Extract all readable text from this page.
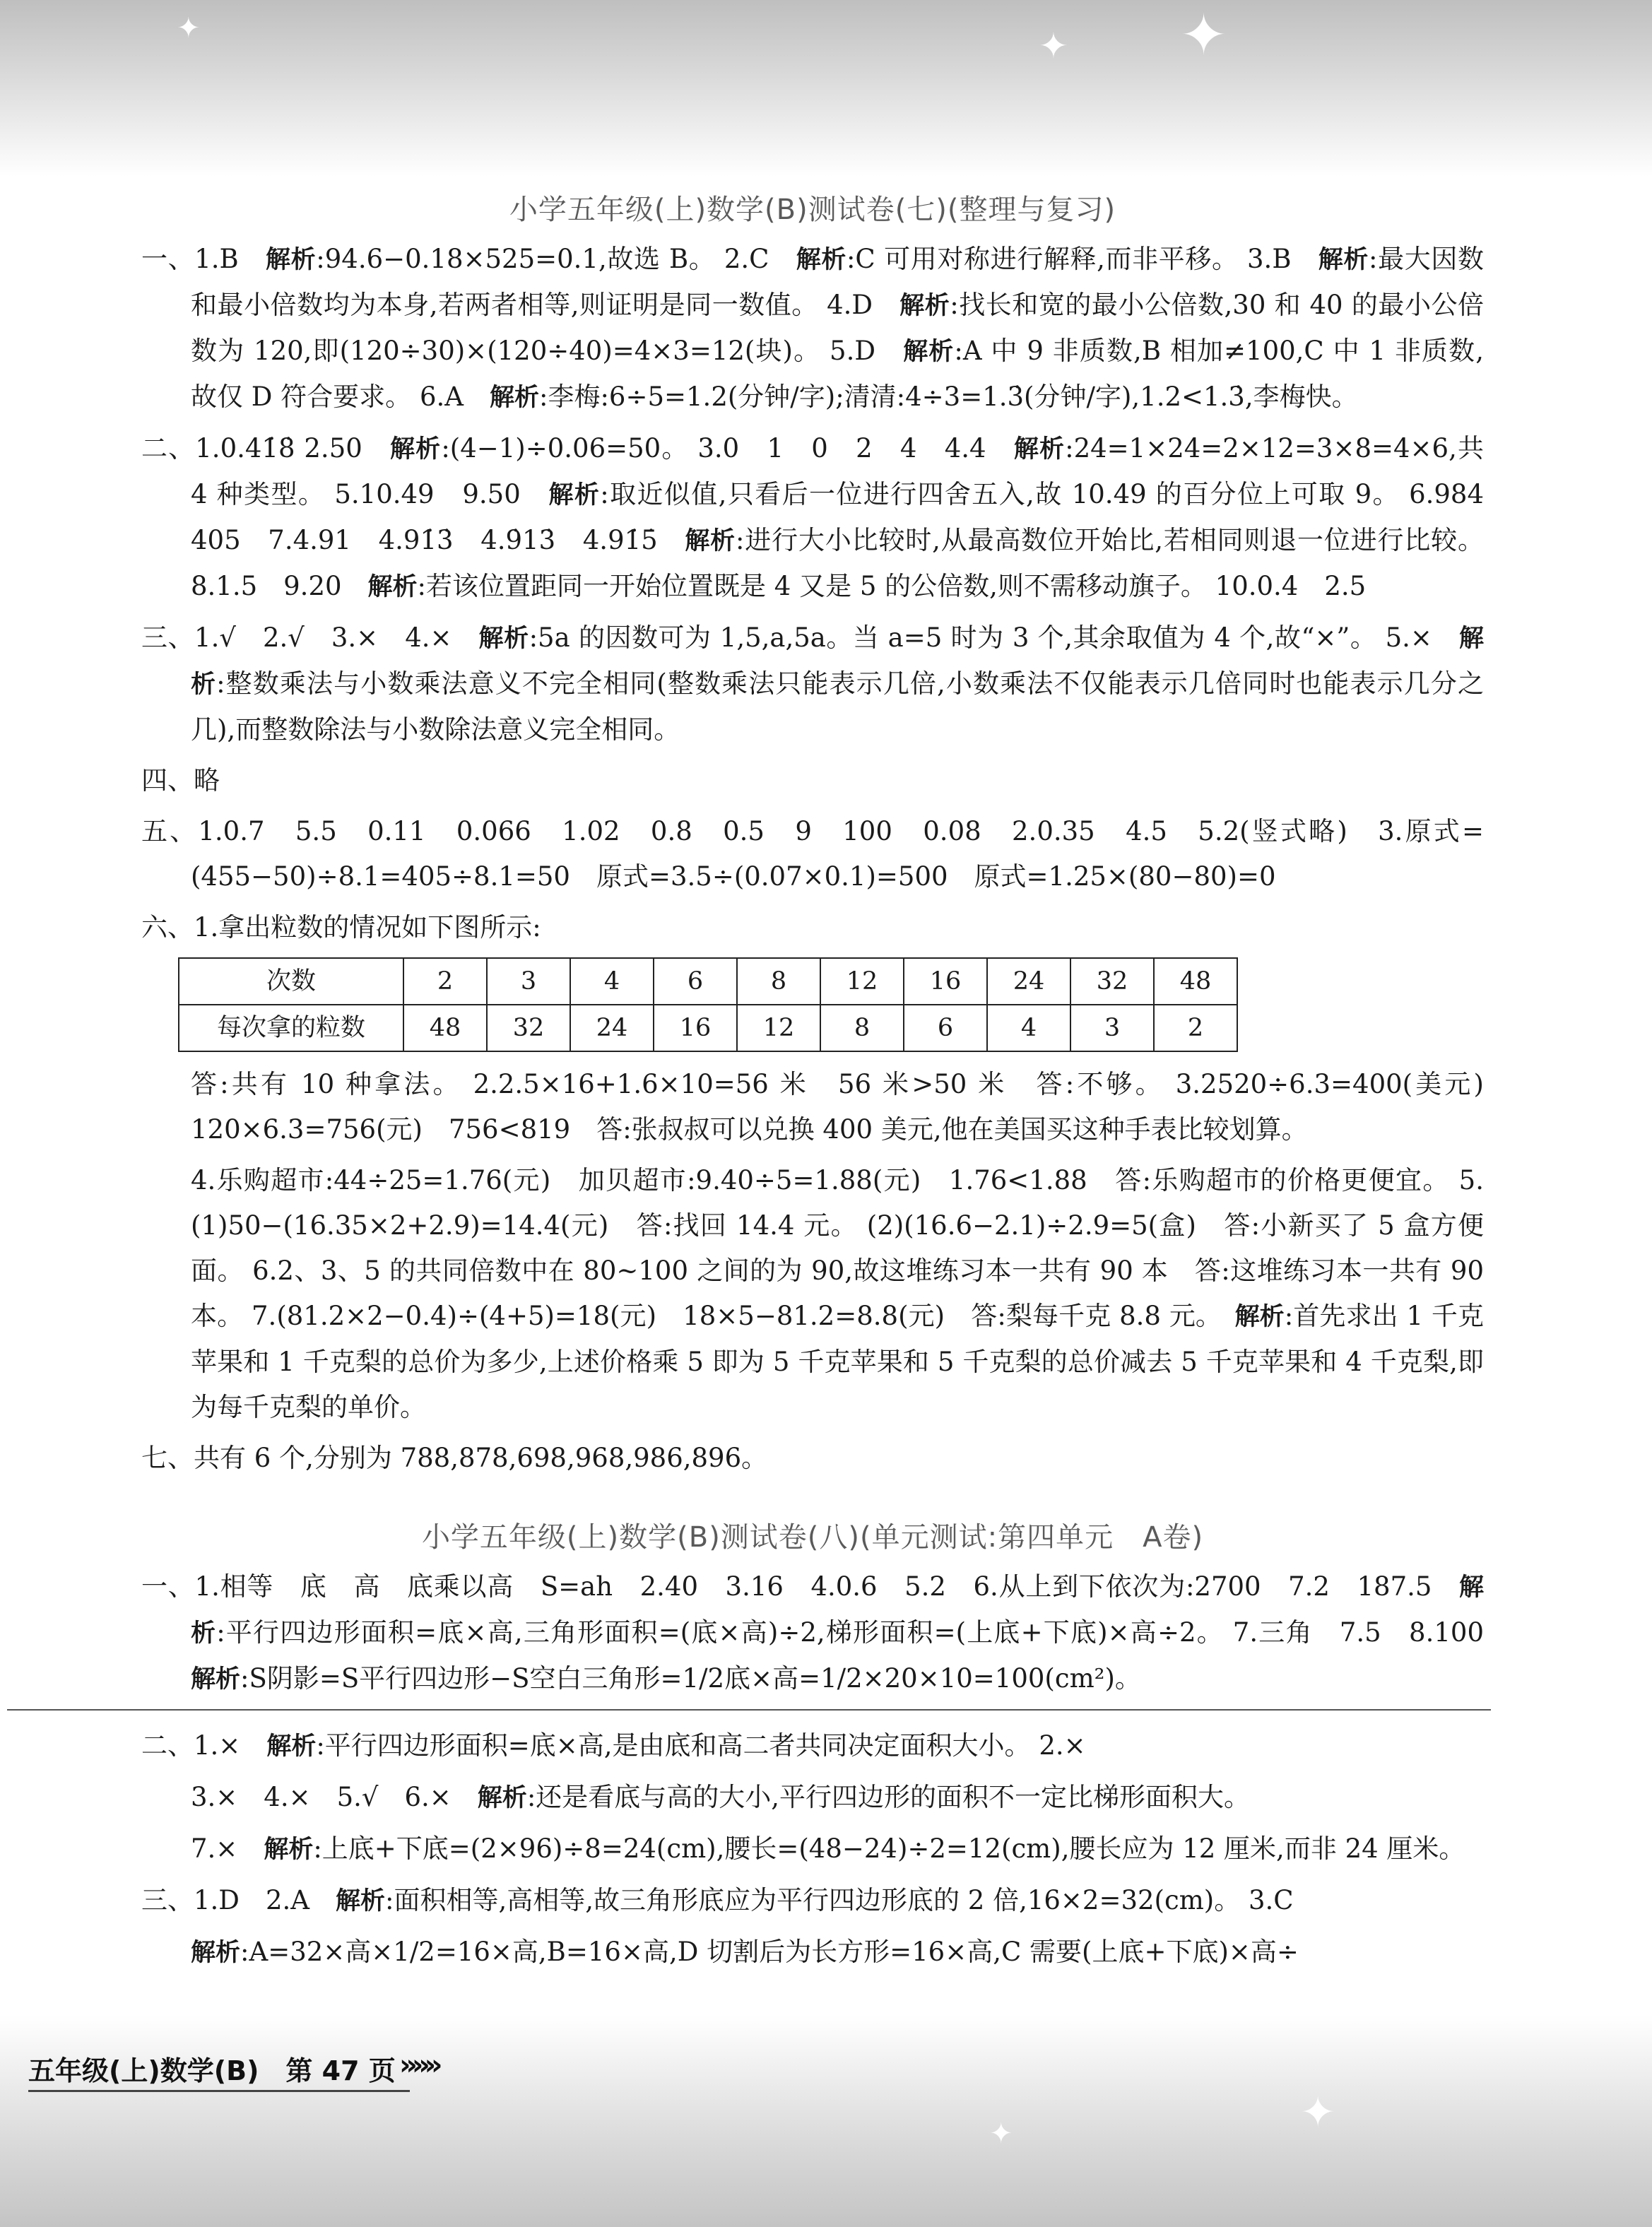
✦
✦
✦
✦
✦
小学五年级(上)数学(B)测试卷(七)(整理与复习)

一、1.B　解析:94.6−0.18×525=0.1,故选 B。 2.C　解析:C 可用对称进行解释,而非平移。 3.B　解析:最大因数和最小倍数均为本身,若两者相等,则证明是同一数值。 4.D　解析:找长和宽的最小公倍数,30 和 40 的最小公倍数为 120,即(120÷30)×(120÷40)=4×3=12(块)。 5.D　解析:A 中 9 非质数,B 相加≠100,C 中 1 非质数,故仅 D 符合要求。 6.A　解析:李梅:6÷5=1.2(分钟/字);清清:4÷3=1.3̇(分钟/字),1.2<1.3̇,李梅快。

二、1.0.41̇8̇ 2.50　解析:(4−1)÷0.06=50。 3.0　1　0　2　4　4.4　解析:24=1×24=2×12=3×8=4×6,共 4 种类型。 5.10.49　9.50　解析:取近似值,只看后一位进行四舍五入,故 10.49 的百分位上可取 9。 6.984　405　7.4.91　4.91̇3̇　4.9̇13̇　4.91̇5̇　解析:进行大小比较时,从最高数位开始比,若相同则退一位进行比较。 8.1.5　9.20　解析:若该位置距同一开始位置既是 4 又是 5 的公倍数,则不需移动旗子。 10.0.4　2.5

三、1.√　2.√　3.×　4.×　解析:5a 的因数可为 1,5,a,5a。当 a=5 时为 3 个,其余取值为 4 个,故“×”。 5.×　解析:整数乘法与小数乘法意义不完全相同(整数乘法只能表示几倍,小数乘法不仅能表示几倍同时也能表示几分之几),而整数除法与小数除法意义完全相同。

四、略

五、1.0.7　5.5　0.11　0.066　1.02　0.8　0.5　9　100　0.08　2.0.35　4.5　5.2(竖式略)　3.原式=(455−50)÷8.1=405÷8.1=50　原式=3.5÷(0.07×0.1)=500　原式=1.25×(80−80)=0

六、1.拿出粒数的情况如下图所示:

次数	2	3	4	6	8	12	16	24	32	48
每次拿的粒数	48	32	24	16	12	8	6	4	3	2

答:共有 10 种拿法。 2.2.5×16+1.6×10=56 米　56 米>50 米　答:不够。 3.2520÷6.3=400(美元)　120×6.3=756(元)　756<819　答:张叔叔可以兑换 400 美元,他在美国买这种手表比较划算。

4.乐购超市:44÷25=1.76(元)　加贝超市:9.40÷5=1.88(元)　1.76<1.88　答:乐购超市的价格更便宜。 5.(1)50−(16.35×2+2.9)=14.4(元)　答:找回 14.4 元。 (2)(16.6−2.1)÷2.9=5(盒)　答:小新买了 5 盒方便面。 6.2、3、5 的共同倍数中在 80~100 之间的为 90,故这堆练习本一共有 90 本　答:这堆练习本一共有 90 本。 7.(81.2×2−0.4)÷(4+5)=18(元)　18×5−81.2=8.8(元)　答:梨每千克 8.8 元。　解析:首先求出 1 千克苹果和 1 千克梨的总价为多少,上述价格乘 5 即为 5 千克苹果和 5 千克梨的总价减去 5 千克苹果和 4 千克梨,即为每千克梨的单价。

七、共有 6 个,分别为 788,878,698,968,986,896。

小学五年级(上)数学(B)测试卷(八)(单元测试:第四单元　A卷)

一、1.相等　底　高　底乘以高　S=ah　2.40　3.16　4.0.6　5.2　6.从上到下依次为:2700　7.2　187.5　解析:平行四边形面积=底×高,三角形面积=(底×高)÷2,梯形面积=(上底+下底)×高÷2。 7.三角　7.5　8.100　解析:S阴影=S平行四边形−S空白三角形=1/2底×高=1/2×20×10=100(cm²)。

二、1.×　解析:平行四边形面积=底×高,是由底和高二者共同决定面积大小。 2.×

3.×　4.×　5.√　6.×　解析:还是看底与高的大小,平行四边形的面积不一定比梯形面积大。

7.×　解析:上底+下底=(2×96)÷8=24(cm),腰长=(48−24)÷2=12(cm),腰长应为 12 厘米,而非 24 厘米。

三、1.D　2.A　解析:面积相等,高相等,故三角形底应为平行四边形底的 2 倍,16×2=32(cm)。 3.C

解析:A=32×高×1/2=16×高,B=16×高,D 切割后为长方形=16×高,C 需要(上底+下底)×高÷

五年级(上)数学(B)　第 47 页 »»»
